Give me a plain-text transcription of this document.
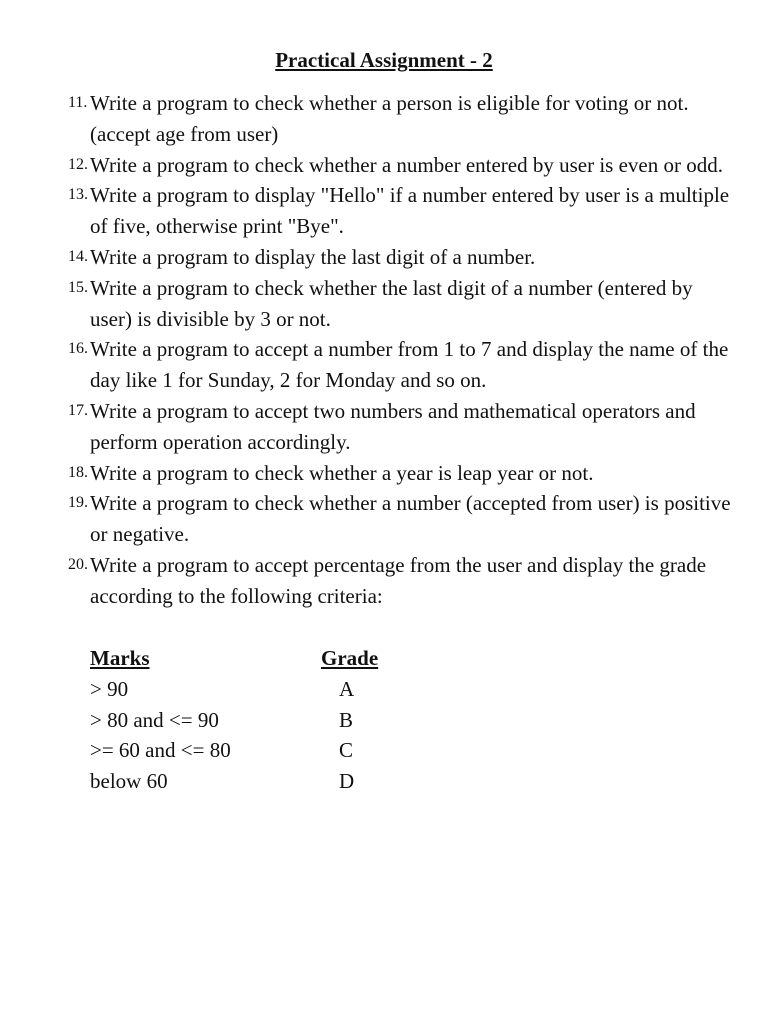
Practical Assignment - 2
11. Write a program to check whether a person is eligible for voting or not. (accept age from user)
12. Write a program to check whether a number entered by user is even or odd.
13. Write a program to display "Hello" if a number entered by user is a multiple of five, otherwise print "Bye".
14. Write a program to display the last digit of a number.
15. Write a program to check whether the last digit of a number (entered by user) is divisible by 3 or not.
16. Write a program to accept a number from 1 to 7 and display the name of the day like 1 for Sunday, 2 for Monday and so on.
17. Write a program to accept two numbers and mathematical operators and perform operation accordingly.
18. Write a program to check whether a year is leap year or not.
19. Write a program to check whether a number (accepted from user) is positive or negative.
20. Write a program to accept percentage from the user and display the grade according to the following criteria:
Marks	Grade
> 90	A
> 80 and <= 90	B
>= 60 and <= 80	C
below 60	D
